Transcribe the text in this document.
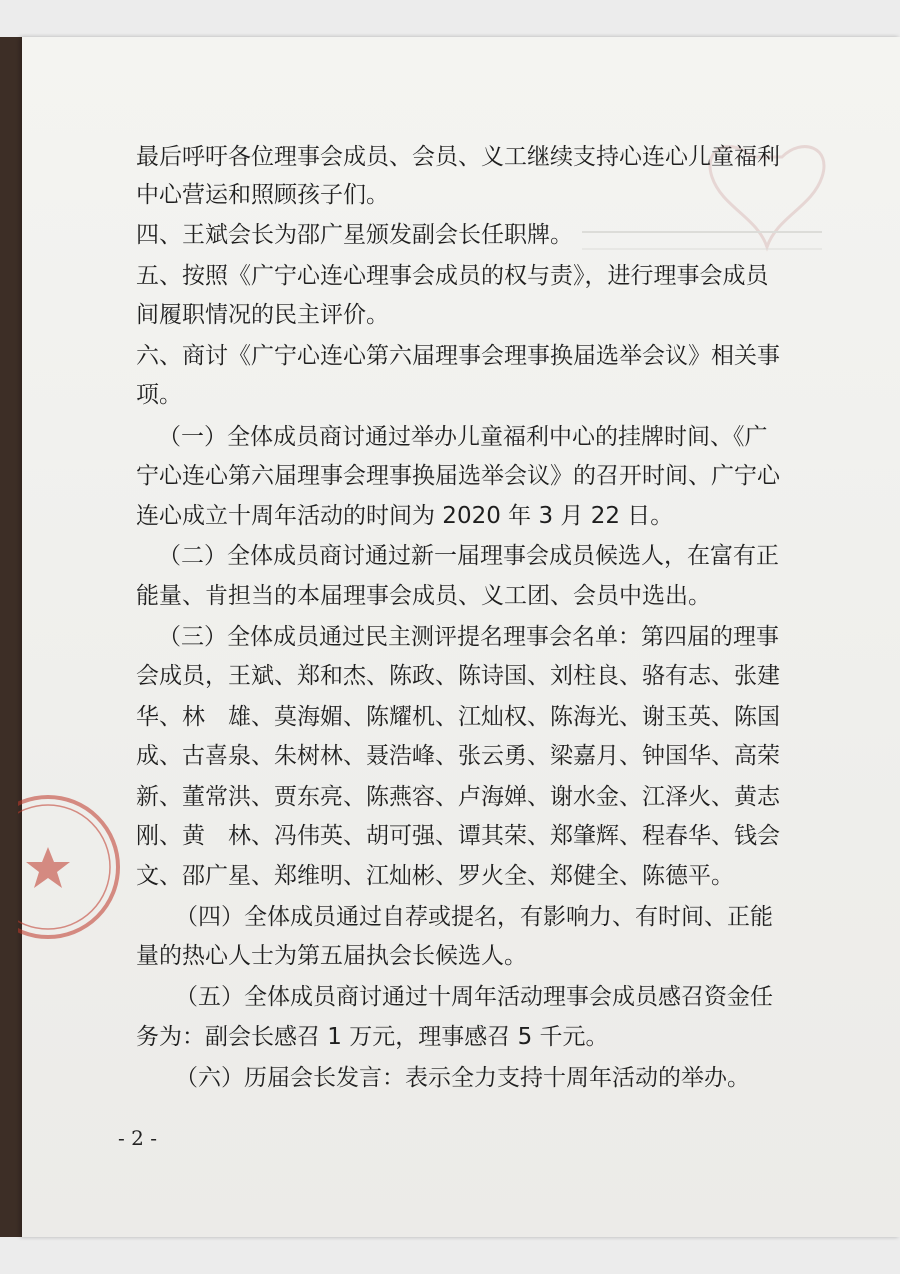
最后呼吁各位理事会成员、会员、义工继续支持心连心儿童福利
中心营运和照顾孩子们。
四、王斌会长为邵广星颁发副会长任职牌。
五、按照《广宁心连心理事会成员的权与责》，进行理事会成员
间履职情况的民主评价。
六、商讨《广宁心连心第六届理事会理事换届选举会议》相关事
项。
（一）全体成员商讨通过举办儿童福利中心的挂牌时间、《广
宁心连心第六届理事会理事换届选举会议》的召开时间、广宁心
连心成立十周年活动的时间为 2020 年 3 月 22 日。
（二）全体成员商讨通过新一届理事会成员候选人，在富有正
能量、肯担当的本届理事会成员、义工团、会员中选出。
（三）全体成员通过民主测评提名理事会名单：第四届的理事
会成员，王斌、郑和杰、陈政、陈诗国、刘柱良、骆有志、张建
华、林　雄、莫海媚、陈耀机、江灿权、陈海光、谢玉英、陈国
成、古喜泉、朱树林、聂浩峰、张云勇、梁嘉月、钟国华、高荣
新、董常洪、贾东亮、陈燕容、卢海婵、谢水金、江泽火、黄志
刚、黄　林、冯伟英、胡可强、谭其荣、郑肇辉、程春华、钱会
文、邵广星、郑维明、江灿彬、罗火全、郑健全、陈德平。
（四）全体成员通过自荐或提名，有影响力、有时间、正能
量的热心人士为第五届执会长候选人。
（五）全体成员商讨通过十周年活动理事会成员感召资金任
务为：副会长感召 1 万元，理事感召 5 千元。
（六）历届会长发言：表示全力支持十周年活动的举办。
- 2 -
